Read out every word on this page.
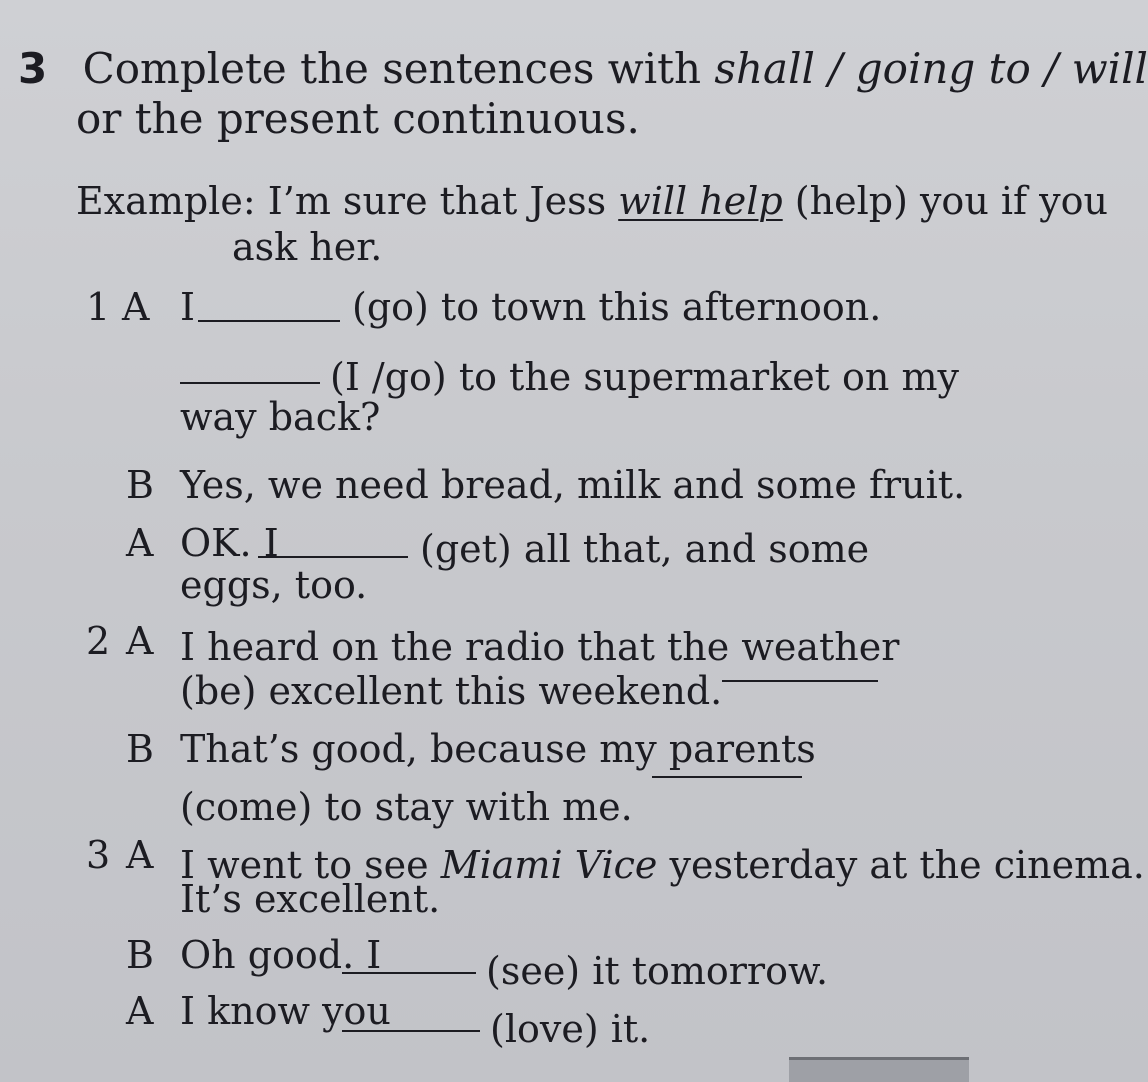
3 Complete the sentences with shall / going to / will
or the present continuous.
Example: I’m sure that Jess will help (help) you if you
ask her.
1 A I	(go) to town this afternoon.
(I /go) to the supermarket on my
way back?
B Yes, we need bread, milk and some fruit.
A OK. I	(get) all that, and some
eggs, too.
2 A I heard on the radio that the weather
(be) excellent this weekend.
B That’s good, because my parents
(come) to stay with me.
3 A I went to see Miami Vice yesterday at the cinema.
It’s excellent.
B Oh good. I	(see) it tomorrow.
A I know you	(love) it.
